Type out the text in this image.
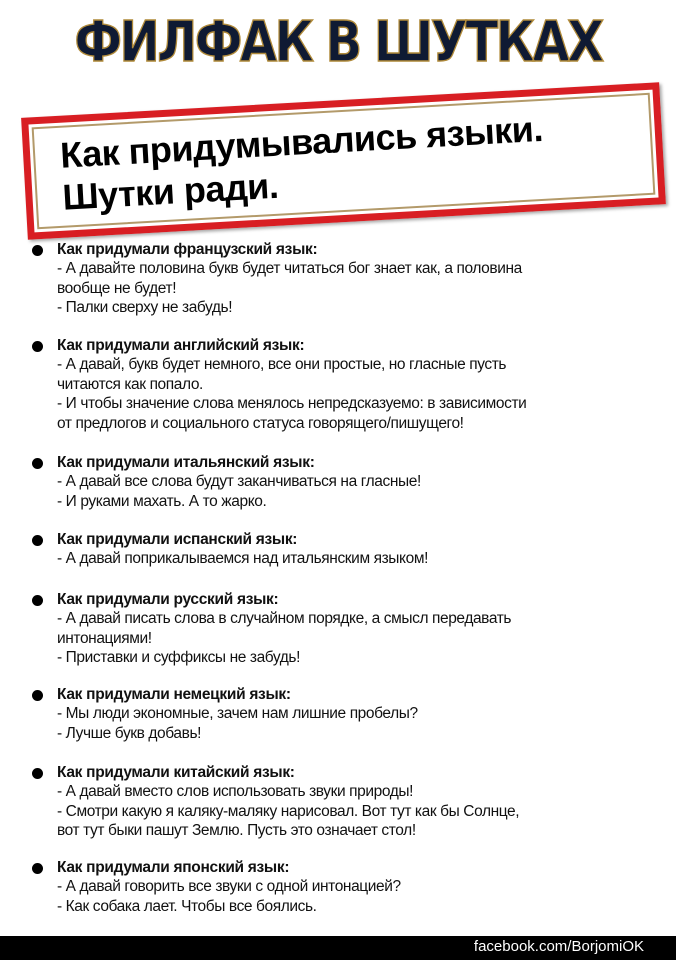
ФИЛФАК В ШУТКАХ
Как придумывались языки.
Шутки ради.
Как придумали французский язык:
- А давайте половина букв будет читаться бог знает как, а половина
вообще не будет!
- Палки сверху не забудь!
Как придумали английский язык:
- А давай, букв будет немного, все они простые, но гласные пусть
читаются как попало.
- И чтобы значение слова менялось непредсказуемо: в зависимости
от предлогов и социального статуса говорящего/пишущего!
Как придумали итальянский язык:
- А давай все слова будут заканчиваться на гласные!
- И руками махать. А то жарко.
Как придумали испанский язык:
- А давай поприкалываемся над итальянским языком!
Как придумали русский язык:
- А давай писать слова в случайном порядке, а смысл передавать
интонациями!
- Приставки и суффиксы не забудь!
Как придумали немецкий язык:
- Мы люди экономные, зачем нам лишние пробелы?
- Лучше букв добавь!
Как придумали китайский язык:
- А давай вместо слов использовать звуки природы!
- Смотри какую я каляку-маляку нарисовал. Вот тут как бы Солнце,
вот тут быки пашут Землю. Пусть это означает стол!
Как придумали японский язык:
- А давай говорить все звуки с одной интонацией?
- Как собака лает. Чтобы все боялись.
facebook.com/BorjomiOK
